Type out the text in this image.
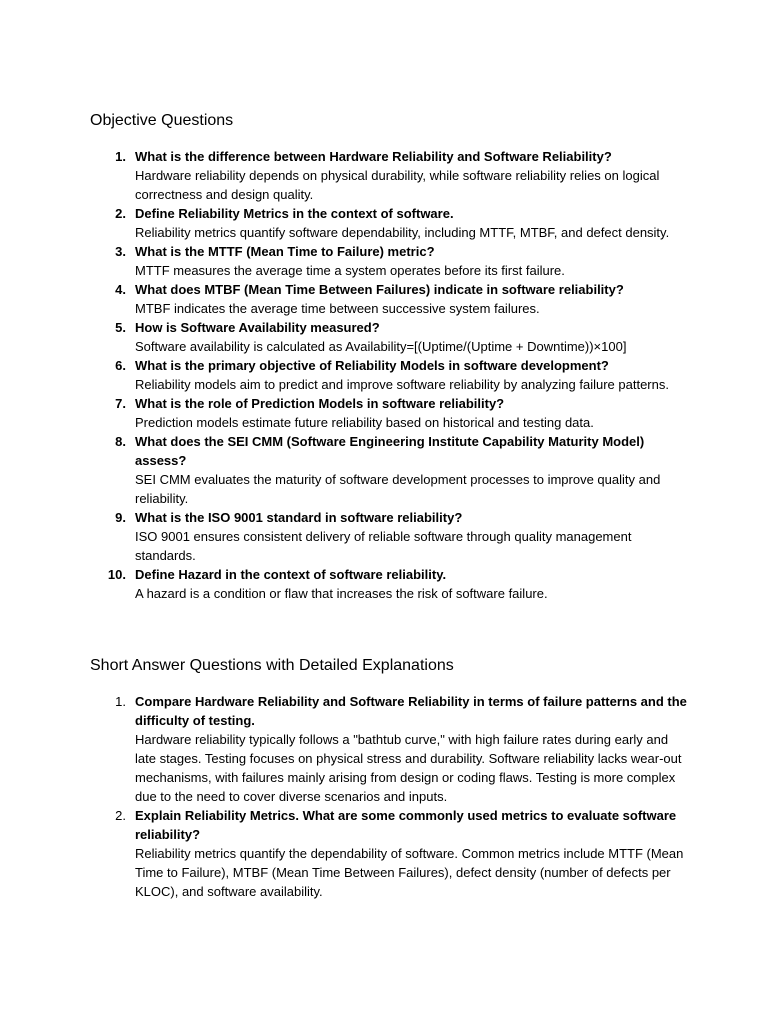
Objective Questions
1. What is the difference between Hardware Reliability and Software Reliability?
Hardware reliability depends on physical durability, while software reliability relies on logical correctness and design quality.
2. Define Reliability Metrics in the context of software.
Reliability metrics quantify software dependability, including MTTF, MTBF, and defect density.
3. What is the MTTF (Mean Time to Failure) metric?
MTTF measures the average time a system operates before its first failure.
4. What does MTBF (Mean Time Between Failures) indicate in software reliability?
MTBF indicates the average time between successive system failures.
5. How is Software Availability measured?
Software availability is calculated as Availability=[(Uptime/(Uptime + Downtime))×100]
6. What is the primary objective of Reliability Models in software development?
Reliability models aim to predict and improve software reliability by analyzing failure patterns.
7. What is the role of Prediction Models in software reliability?
Prediction models estimate future reliability based on historical and testing data.
8. What does the SEI CMM (Software Engineering Institute Capability Maturity Model) assess?
SEI CMM evaluates the maturity of software development processes to improve quality and reliability.
9. What is the ISO 9001 standard in software reliability?
ISO 9001 ensures consistent delivery of reliable software through quality management standards.
10. Define Hazard in the context of software reliability.
A hazard is a condition or flaw that increases the risk of software failure.
Short Answer Questions with Detailed Explanations
1. Compare Hardware Reliability and Software Reliability in terms of failure patterns and the difficulty of testing.
Hardware reliability typically follows a "bathtub curve," with high failure rates during early and late stages. Testing focuses on physical stress and durability. Software reliability lacks wear-out mechanisms, with failures mainly arising from design or coding flaws. Testing is more complex due to the need to cover diverse scenarios and inputs.
2. Explain Reliability Metrics. What are some commonly used metrics to evaluate software reliability?
Reliability metrics quantify the dependability of software. Common metrics include MTTF (Mean Time to Failure), MTBF (Mean Time Between Failures), defect density (number of defects per KLOC), and software availability.
